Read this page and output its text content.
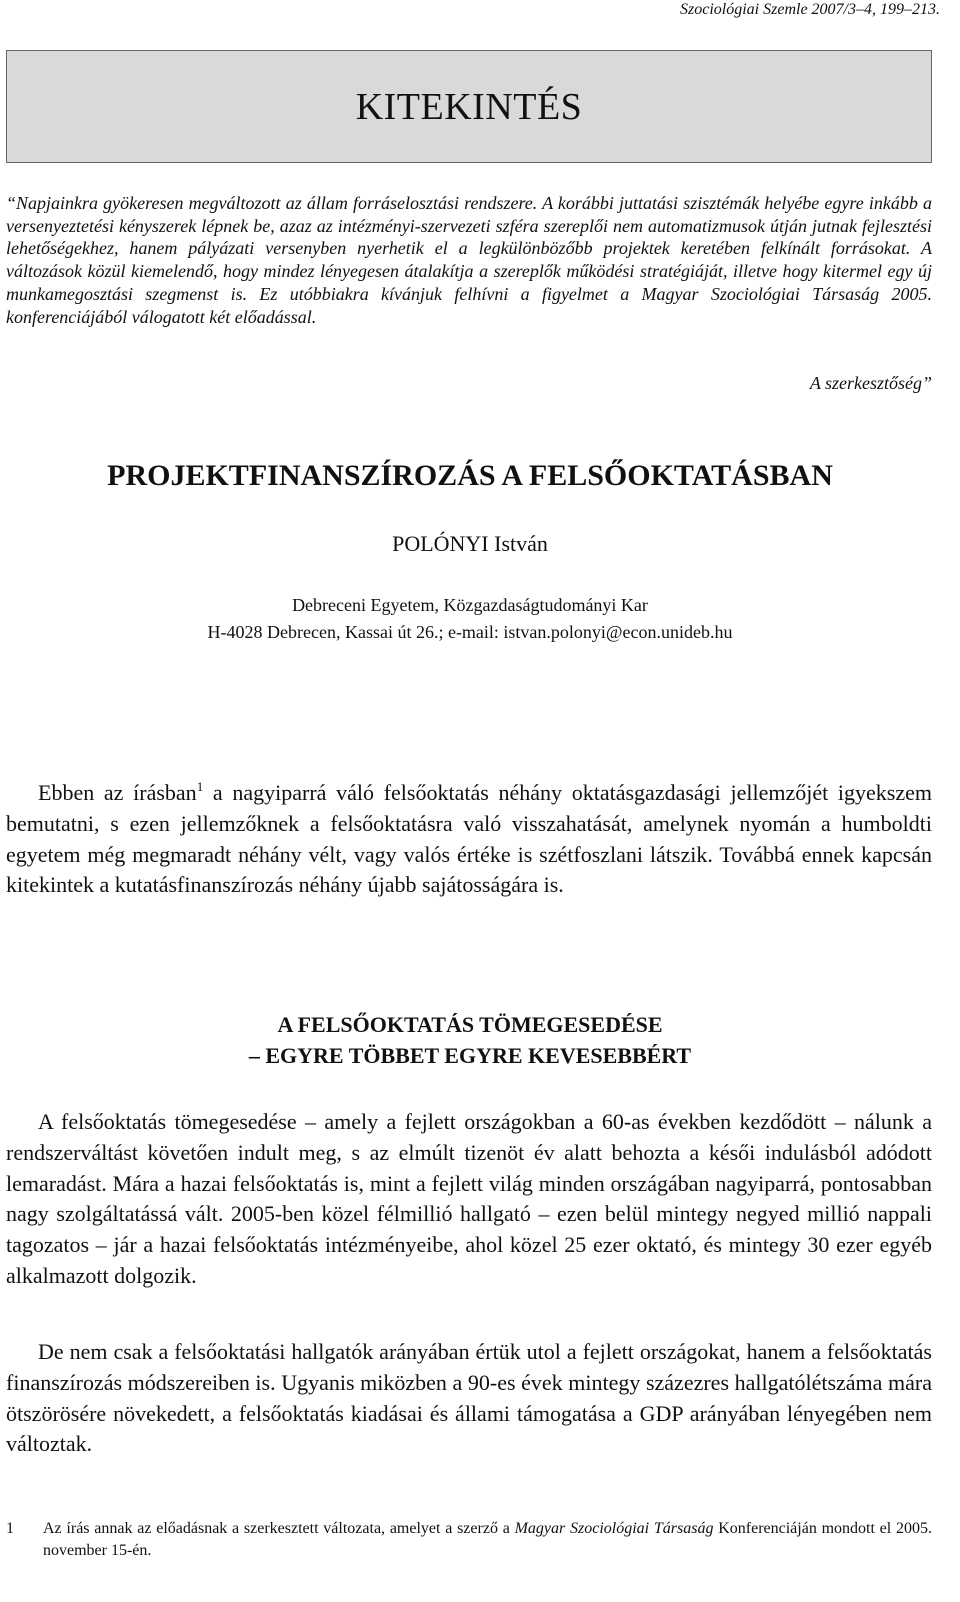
Szociológiai Szemle 2007/3–4, 199–213.
KITEKINTÉS

“Napjainkra gyökeresen megváltozott az állam forráselosztási rendszere. A korábbi juttatási szisztémák helyébe egyre inkább a versenyeztetési kényszerek lépnek be, azaz az intézményi-szervezeti szféra szereplői nem automatizmusok útján jutnak fejlesztési lehetőségekhez, hanem pályázati versenyben nyerhetik el a legkülönbözőbb projektek keretében felkínált forrásokat. A változások közül kiemelendő, hogy mindez lényegesen átalakítja a szereplők működési stratégiáját, illetve hogy kitermel egy új munkamegosztási szegmenst is. Ez utóbbiakra kívánjuk felhívni a figyelmet a Magyar Szociológiai Társaság 2005. konferenciájából válogatott két előadással.

A szerkesztőség”
PROJEKTFINANSZÍROZÁS A FELSŐOKTATÁSBAN
POLÓNYI István
Debreceni Egyetem, Közgazdaságtudományi Kar
H-4028 Debrecen, Kassai út 26.; e-mail: istvan.polonyi@econ.unideb.hu

Ebben az írásban$^1$ a nagyiparrá váló felsőoktatás néhány oktatásgazdasági jellemzőjét igyekszem bemutatni, s ezen jellemzőknek a felsőoktatásra való visszahatását, amelynek nyomán a humboldti egyetem még megmaradt néhány vélt, vagy valós értéke is szétfoszlani látszik. Továbbá ennek kapcsán kitekintek a kutatásfinanszírozás néhány újabb sajátosságára is.

A FELSŐOKTATÁS TÖMEGESEDÉSE
– EGYRE TÖBBET EGYRE KEVESEBBÉRT

A felsőoktatás tömegesedése – amely a fejlett országokban a 60-as években kezdődött – nálunk a rendszerváltást követően indult meg, s az elmúlt tizenöt év alatt behozta a késői indulásból adódott lemaradást. Mára a hazai felsőoktatás is, mint a fejlett világ minden országában nagyiparrá, pontosabban nagy szolgáltatássá vált. 2005-ben közel félmillió hallgató – ezen belül mintegy negyed millió nappali tagozatos – jár a hazai felsőoktatás intézményeibe, ahol közel 25 ezer oktató, és mintegy 30 ezer egyéb alkalmazott dolgozik.

De nem csak a felsőoktatási hallgatók arányában értük utol a fejlett országokat, hanem a felsőoktatás finanszírozás módszereiben is. Ugyanis miközben a 90-es évek mintegy százezres hallgatólétszáma mára ötszörösére növekedett, a felsőoktatás kiadásai és állami támogatása a GDP arányában lényegében nem változtak.

1 Az írás annak az előadásnak a szerkesztett változata, amelyet a szerző a Magyar Szociológiai Társaság Konferenciáján mondott el 2005. november 15-én.
